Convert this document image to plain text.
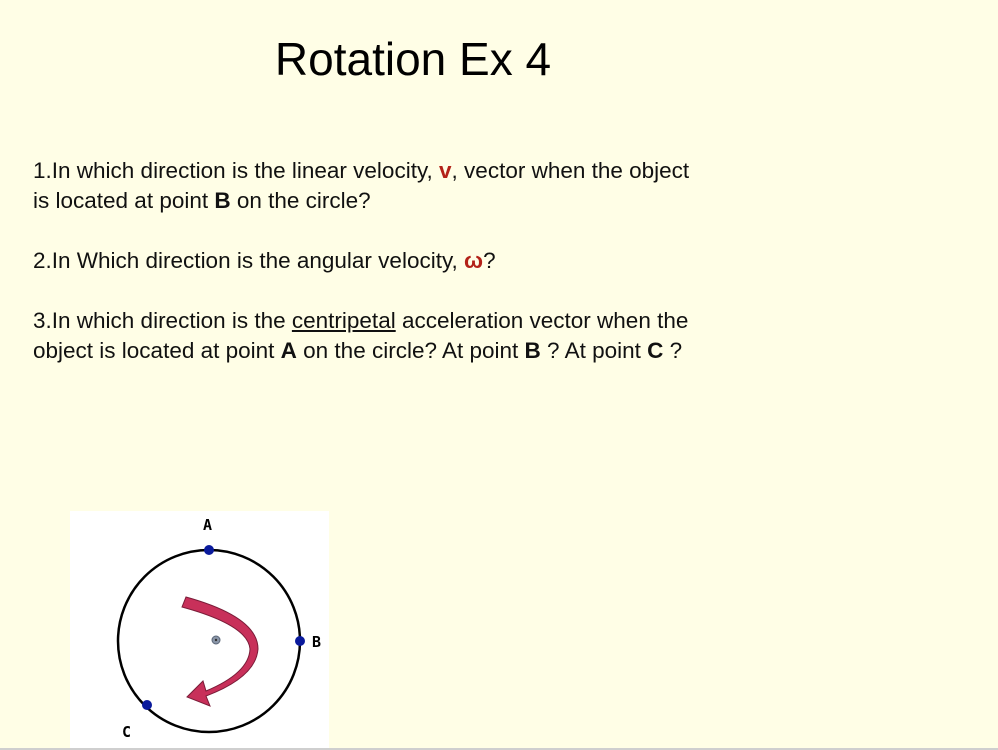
Rotation Ex 4

1.In which direction is the linear velocity, v, vector when the object is located at point B on the circle?

2.In Which direction is the angular velocity, ω?

3.In which direction is the centripetal acceleration vector when the object is located at point A on the circle? At point B ? At point C ?

A
B
C
